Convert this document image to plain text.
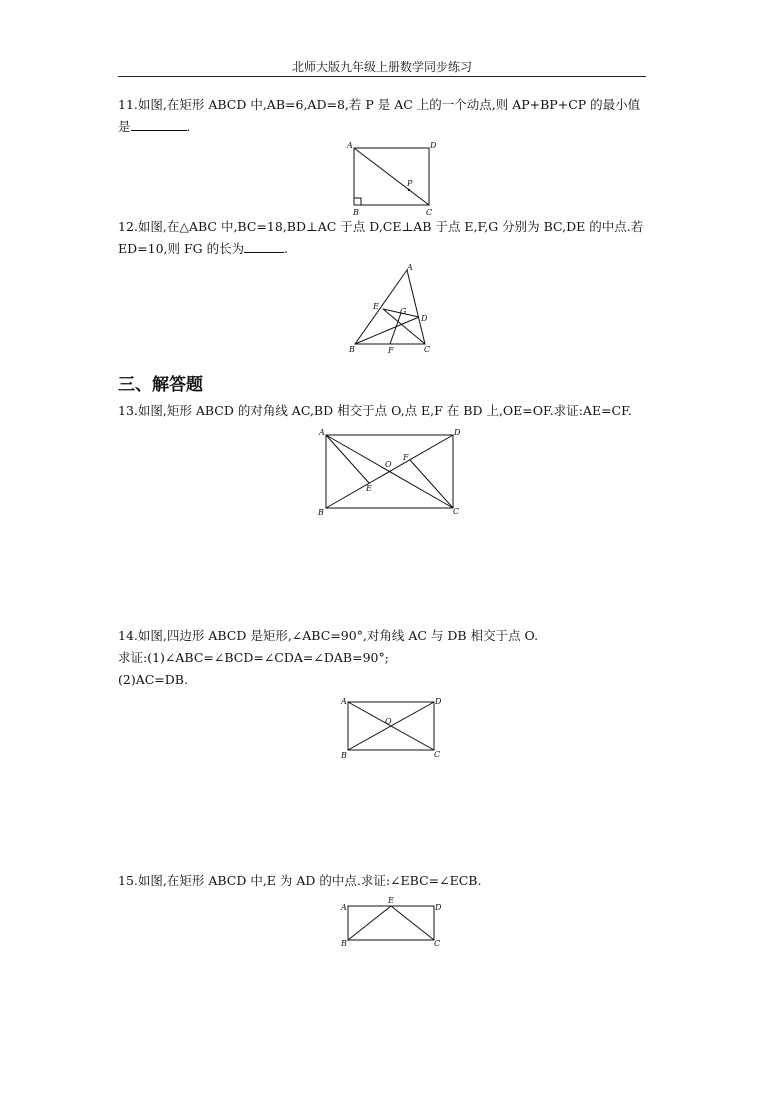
北师大版九年级上册数学同步练习
11.如图,在矩形 ABCD 中,AB=6,AD=8,若 P 是 AC 上的一个动点,则 AP+BP+CP 的最小值
是	.
A	D
B	C
P
12.如图,在△ABC 中,BC=18,BD⊥AC 于点 D,CE⊥AB 于点 E,F,G 分别为 BC,DE 的中点.若
ED=10,则 FG 的长为	.
A
B	C
D
E
F
G
三、解答题
13.如图,矩形 ABCD 的对角线 AC,BD 相交于点 O,点 E,F 在 BD 上,OE=OF.求证:AE=CF.
A	D
B	C
O
E
F
14.如图,四边形 ABCD 是矩形,∠ABC=90°,对角线 AC 与 DB 相交于点 O.
求证:(1)∠ABC=∠BCD=∠CDA=∠DAB=90°;
(2)AC=DB.
A	D
B	C
O
15.如图,在矩形 ABCD 中,E 为 AD 的中点.求证:∠EBC=∠ECB.
A	D
E
B	C
